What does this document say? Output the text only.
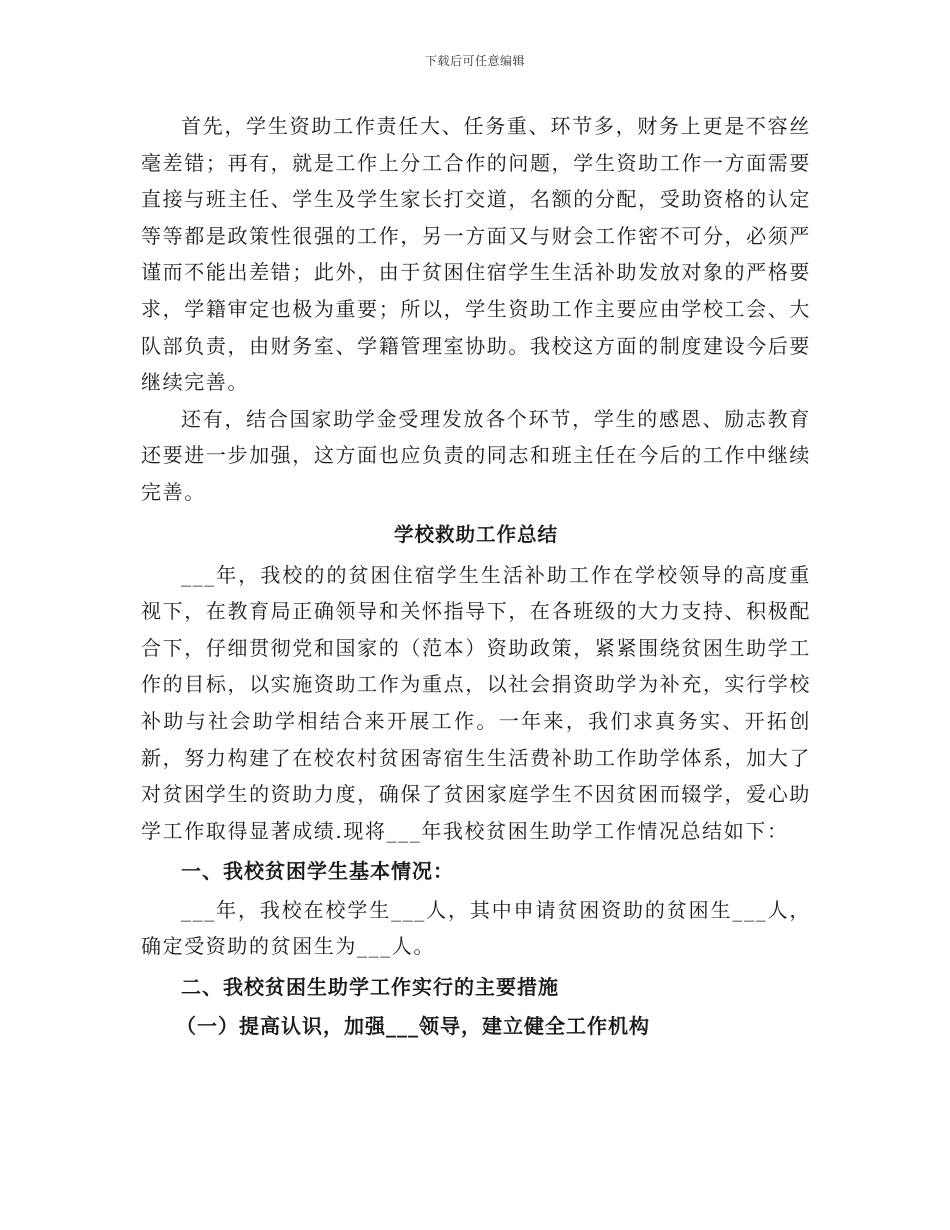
下载后可任意编辑

首先，学生资助工作责任大、任务重、环节多，财务上更是不容丝毫差错；再有，就是工作上分工合作的问题，学生资助工作一方面需要直接与班主任、学生及学生家长打交道，名额的分配，受助资格的认定等等都是政策性很强的工作，另一方面又与财会工作密不可分，必须严谨而不能出差错；此外，由于贫困住宿学生生活补助发放对象的严格要求，学籍审定也极为重要；所以，学生资助工作主要应由学校工会、大队部负责，由财务室、学籍管理室协助。我校这方面的制度建设今后要继续完善。

还有，结合国家助学金受理发放各个环节，学生的感恩、励志教育还要进一步加强，这方面也应负责的同志和班主任在今后的工作中继续完善。

学校救助工作总结

___年，我校的的贫困住宿学生生活补助工作在学校领导的高度重视下，在教育局正确领导和关怀指导下，在各班级的大力支持、积极配合下，仔细贯彻党和国家的（范本）资助政策，紧紧围绕贫困生助学工作的目标，以实施资助工作为重点，以社会捐资助学为补充，实行学校补助与社会助学相结合来开展工作。一年来，我们求真务实、开拓创新，努力构建了在校农村贫困寄宿生生活费补助工作助学体系，加大了对贫困学生的资助力度，确保了贫困家庭学生不因贫困而辍学，爱心助学工作取得显著成绩.现将___年我校贫困生助学工作情况总结如下：

一、我校贫困学生基本情况：

___年，我校在校学生___人，其中申请贫困资助的贫困生___人，确定受资助的贫困生为___人。

二、我校贫困生助学工作实行的主要措施
（一）提高认识，加强___领导，建立健全工作机构
